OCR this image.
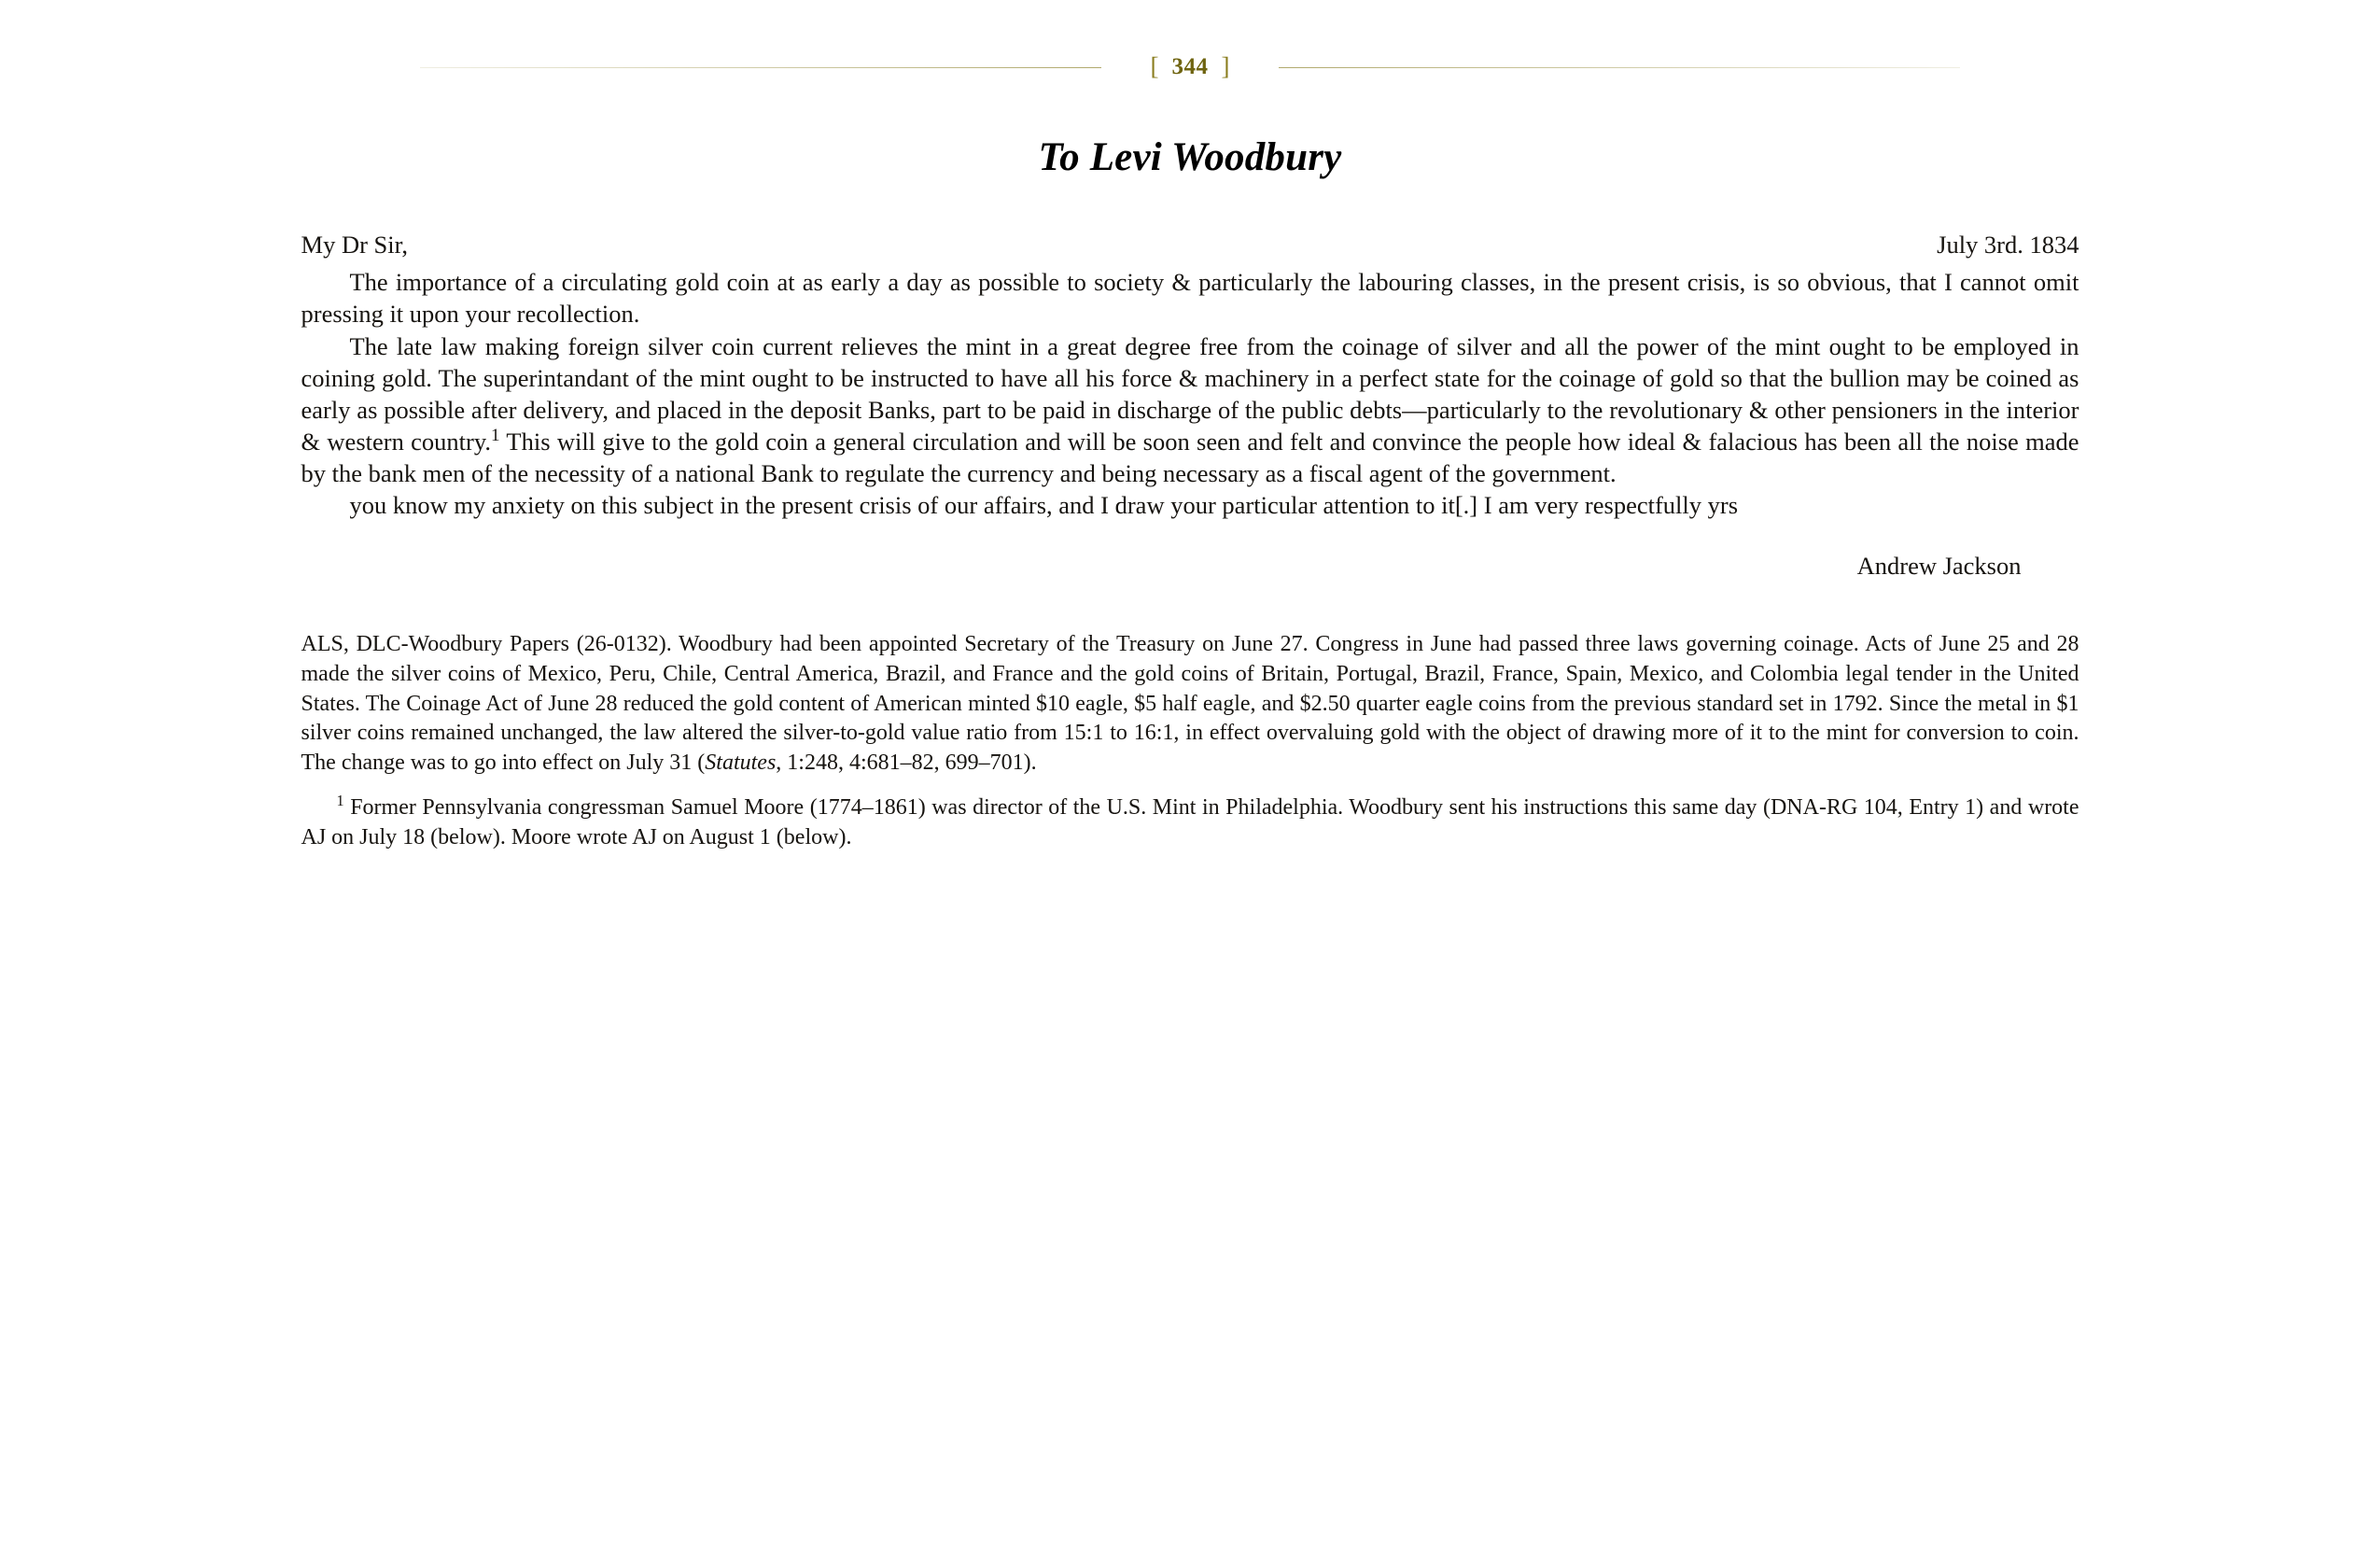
[ 344 ]
To Levi Woodbury
My Dr Sir,	July 3rd. 1834

The importance of a circulating gold coin at as early a day as possible to society & particularly the labouring classes, in the present crisis, is so obvious, that I cannot omit pressing it upon your recollection.

The late law making foreign silver coin current relieves the mint in a great degree free from the coinage of silver and all the power of the mint ought to be employed in coining gold. The superintandant of the mint ought to be instructed to have all his force & machinery in a perfect state for the coinage of gold so that the bullion may be coined as early as possible after delivery, and placed in the deposit Banks, part to be paid in discharge of the public debts—particularly to the revolutionary & other pensioners in the interior & western country.$^1$ This will give to the gold coin a general circulation and will be soon seen and felt and convince the people how ideal & falacious has been all the noise made by the bank men of the necessity of a national Bank to regulate the currency and being necessary as a fiscal agent of the government.

you know my anxiety on this subject in the present crisis of our affairs, and I draw your particular attention to it[.] I am very respectfully yrs

Andrew Jackson
ALS, DLC-Woodbury Papers (26-0132). Woodbury had been appointed Secretary of the Treasury on June 27. Congress in June had passed three laws governing coinage. Acts of June 25 and 28 made the silver coins of Mexico, Peru, Chile, Central America, Brazil, and France and the gold coins of Britain, Portugal, Brazil, France, Spain, Mexico, and Colombia legal tender in the United States. The Coinage Act of June 28 reduced the gold content of American minted $10 eagle, $5 half eagle, and $2.50 quarter eagle coins from the previous standard set in 1792. Since the metal in $1 silver coins remained unchanged, the law altered the silver-to-gold value ratio from 15:1 to 16:1, in effect overvaluing gold with the object of drawing more of it to the mint for conversion to coin. The change was to go into effect on July 31 (Statutes, 1:248, 4:681–82, 699–701).
$^1$ Former Pennsylvania congressman Samuel Moore (1774–1861) was director of the U.S. Mint in Philadelphia. Woodbury sent his instructions this same day (DNA-RG 104, Entry 1) and wrote AJ on July 18 (below). Moore wrote AJ on August 1 (below).
